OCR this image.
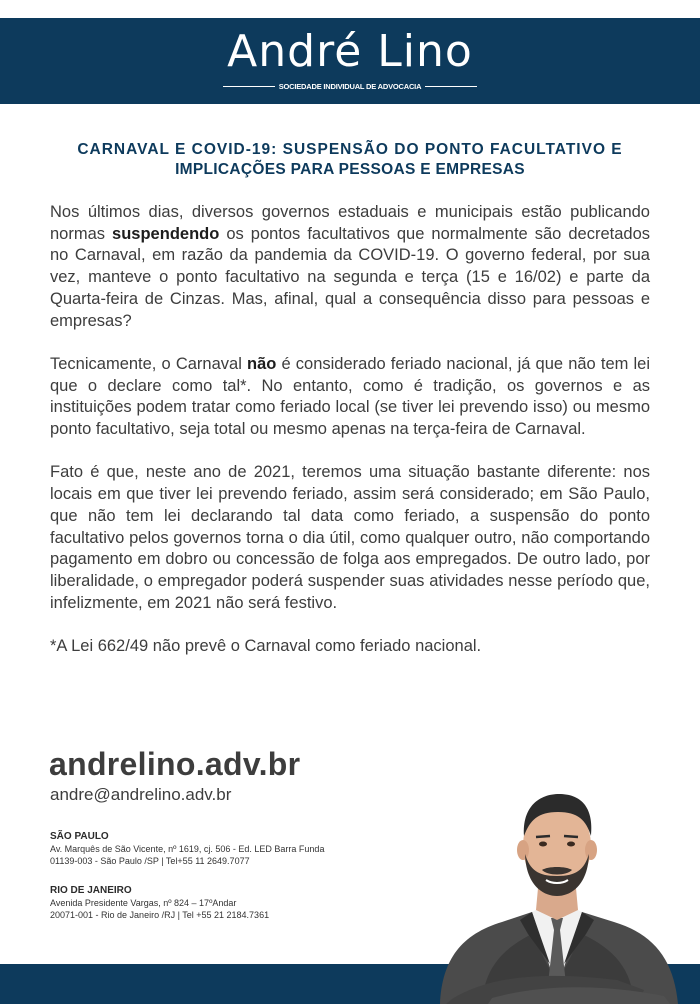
André Lino
SOCIEDADE INDIVIDUAL DE ADVOCACIA
CARNAVAL E COVID-19: SUSPENSÃO DO PONTO FACULTATIVO E
IMPLICAÇÕES PARA PESSOAS E EMPRESAS

Nos últimos dias, diversos governos estaduais e municipais estão publicando normas suspendendo os pontos facultativos que normalmente são decretados no Carnaval, em razão da pandemia da COVID-19. O governo federal, por sua vez, manteve o ponto facultativo na segunda e terça (15 e 16/02) e parte da Quarta-feira de Cinzas. Mas, afinal, qual a consequência disso para pessoas e empresas?

Tecnicamente, o Carnaval não é considerado feriado nacional, já que não tem lei que o declare como tal*. No entanto, como é tradição, os governos e as instituições podem tratar como feriado local (se tiver lei prevendo isso) ou mesmo ponto facultativo, seja total ou mesmo apenas na terça-feira de Carnaval.

Fato é que, neste ano de 2021, teremos uma situação bastante diferente: nos locais em que tiver lei prevendo feriado, assim será considerado; em São Paulo, que não tem lei declarando tal data como feriado, a suspensão do ponto facultativo pelos governos torna o dia útil, como qualquer outro, não comportando pagamento em dobro ou concessão de folga aos empregados. De outro lado, por liberalidade, o empregador poderá suspender suas atividades nesse período que, infelizmente, em 2021 não será festivo.

*A Lei 662/49 não prevê o Carnaval como feriado nacional.

andrelino.adv.br
andre@andrelino.adv.br
SÃO PAULO
Av. Marquês de São Vicente, nº 1619, cj. 506 - Ed. LED Barra Funda
01139-003 - São Paulo /SP | Tel+55 11 2649.7077
RIO DE JANEIRO
Avenida Presidente Vargas, nº 824 – 17ºAndar
20071-001 - Rio de Janeiro /RJ | Tel +55 21 2184.7361
